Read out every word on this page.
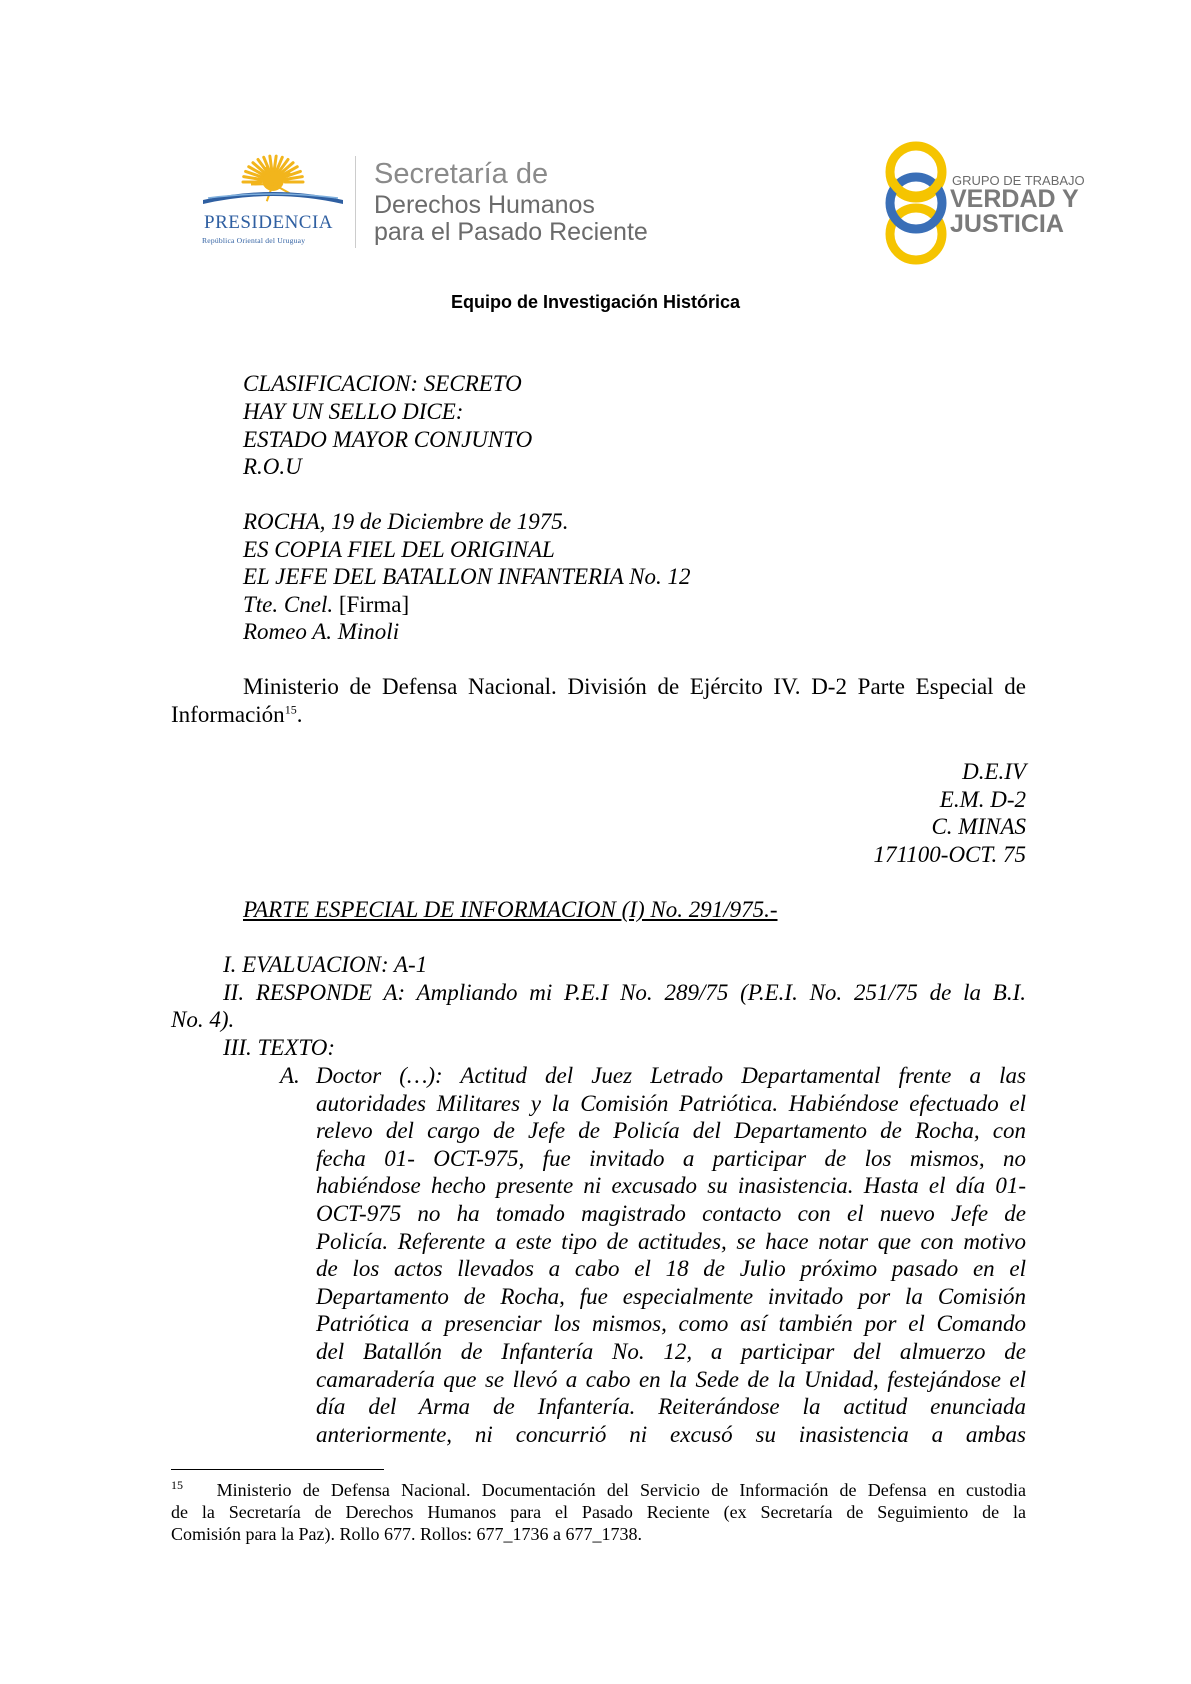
PRESIDENCIA
República Oriental del Uruguay
Secretaría de
Derechos Humanos
para el Pasado Reciente
GRUPO DE TRABAJO
VERDAD Y
JUSTICIA
Equipo de Investigación Histórica
CLASIFICACION: SECRETO
HAY UN SELLO DICE:
ESTADO MAYOR CONJUNTO
R.O.U
ROCHA, 19 de Diciembre de 1975.
ES COPIA FIEL DEL ORIGINAL
EL JEFE DEL BATALLON INFANTERIA No. 12
Tte. Cnel. [Firma]
Romeo A. Minoli
Ministerio de Defensa Nacional. División de Ejército IV. D-2 Parte Especial de
Información$^{15}$.
D.E.IV
E.M. D-2
C. MINAS
171100-OCT. 75
PARTE ESPECIAL DE INFORMACION (I) No. 291/975.-
I. EVALUACION: A-1
II. RESPONDE A: Ampliando mi P.E.I No. 289/75 (P.E.I. No. 251/75 de la B.I.
No. 4).
III. TEXTO:
A. Doctor (…): Actitud del Juez Letrado Departamental frente a las
autoridades Militares y la Comisión Patriótica. Habiéndose efectuado el
relevo del cargo de Jefe de Policía del Departamento de Rocha, con
fecha 01- OCT-975, fue invitado a participar de los mismos, no
habiéndose hecho presente ni excusado su inasistencia. Hasta el día 01-
OCT-975 no ha tomado magistrado contacto con el nuevo Jefe de
Policía. Referente a este tipo de actitudes, se hace notar que con motivo
de los actos llevados a cabo el 18 de Julio próximo pasado en el
Departamento de Rocha, fue especialmente invitado por la Comisión
Patriótica a presenciar los mismos, como así también por el Comando
del Batallón de Infantería No. 12, a participar del almuerzo de
camaradería que se llevó a cabo en la Sede de la Unidad, festejándose el
día del Arma de Infantería. Reiterándose la actitud enunciada
anteriormente, ni concurrió ni excusó su inasistencia a ambas
$^{15}$ Ministerio de Defensa Nacional. Documentación del Servicio de Información de Defensa en custodia
de la Secretaría de Derechos Humanos para el Pasado Reciente (ex Secretaría de Seguimiento de la
Comisión para la Paz). Rollo 677. Rollos: 677_1736 a 677_1738.
